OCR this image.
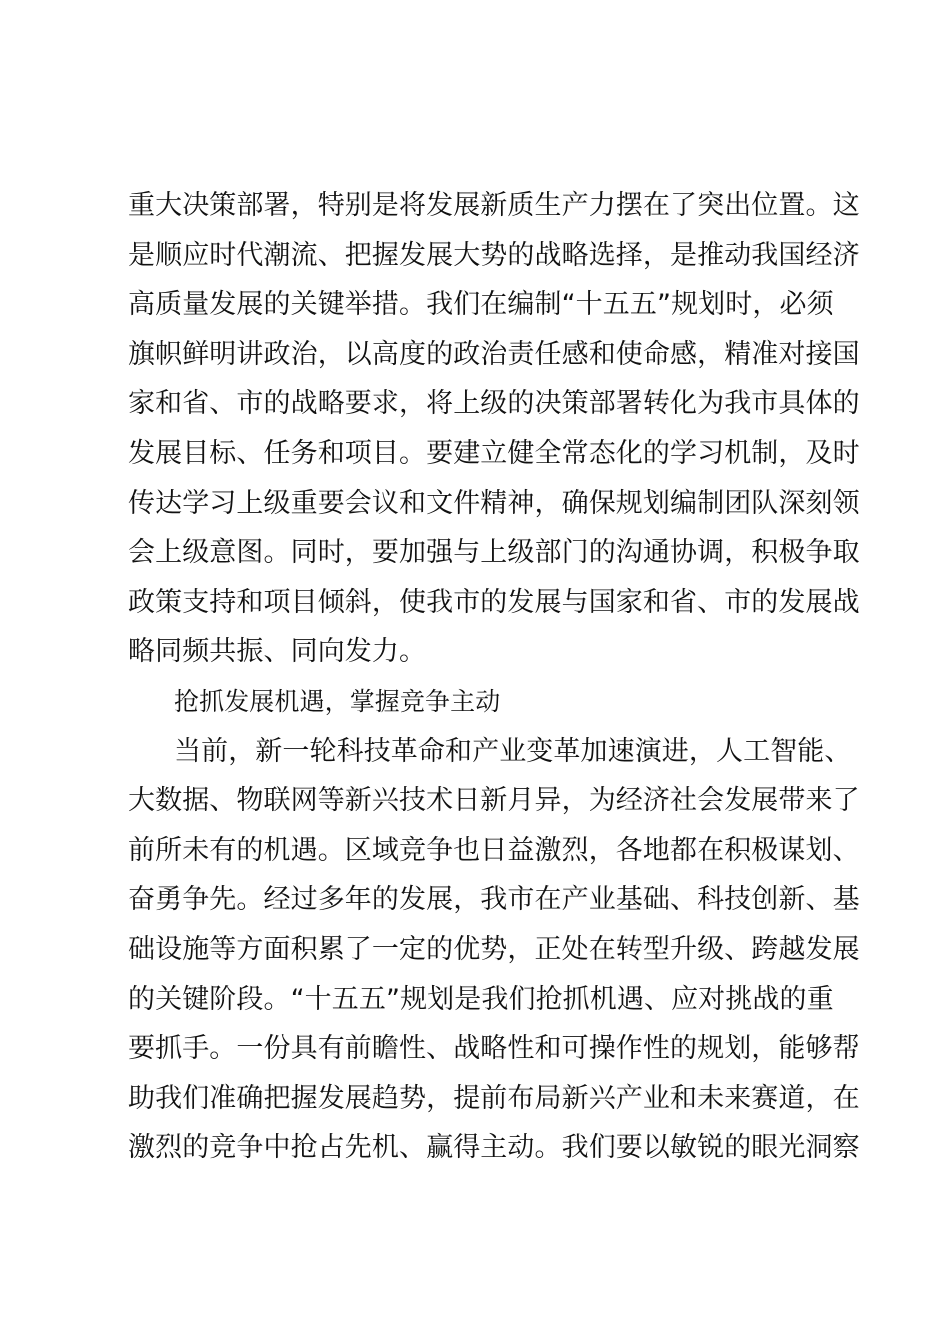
重大决策部署，特别是将发展新质生产力摆在了突出位置。这
是顺应时代潮流、把握发展大势的战略选择，是推动我国经济
高质量发展的关键举措。我们在编制“十五五”规划时，必须
旗帜鲜明讲政治，以高度的政治责任感和使命感，精准对接国
家和省、市的战略要求，将上级的决策部署转化为我市具体的
发展目标、任务和项目。要建立健全常态化的学习机制，及时
传达学习上级重要会议和文件精神，确保规划编制团队深刻领
会上级意图。同时，要加强与上级部门的沟通协调，积极争取
政策支持和项目倾斜，使我市的发展与国家和省、市的发展战
略同频共振、同向发力。
抢抓发展机遇，掌握竞争主动
当前，新一轮科技革命和产业变革加速演进，人工智能、
大数据、物联网等新兴技术日新月异，为经济社会发展带来了
前所未有的机遇。区域竞争也日益激烈，各地都在积极谋划、
奋勇争先。经过多年的发展，我市在产业基础、科技创新、基
础设施等方面积累了一定的优势，正处在转型升级、跨越发展
的关键阶段。“十五五”规划是我们抢抓机遇、应对挑战的重
要抓手。一份具有前瞻性、战略性和可操作性的规划，能够帮
助我们准确把握发展趋势，提前布局新兴产业和未来赛道，在
激烈的竞争中抢占先机、赢得主动。我们要以敏锐的眼光洞察
